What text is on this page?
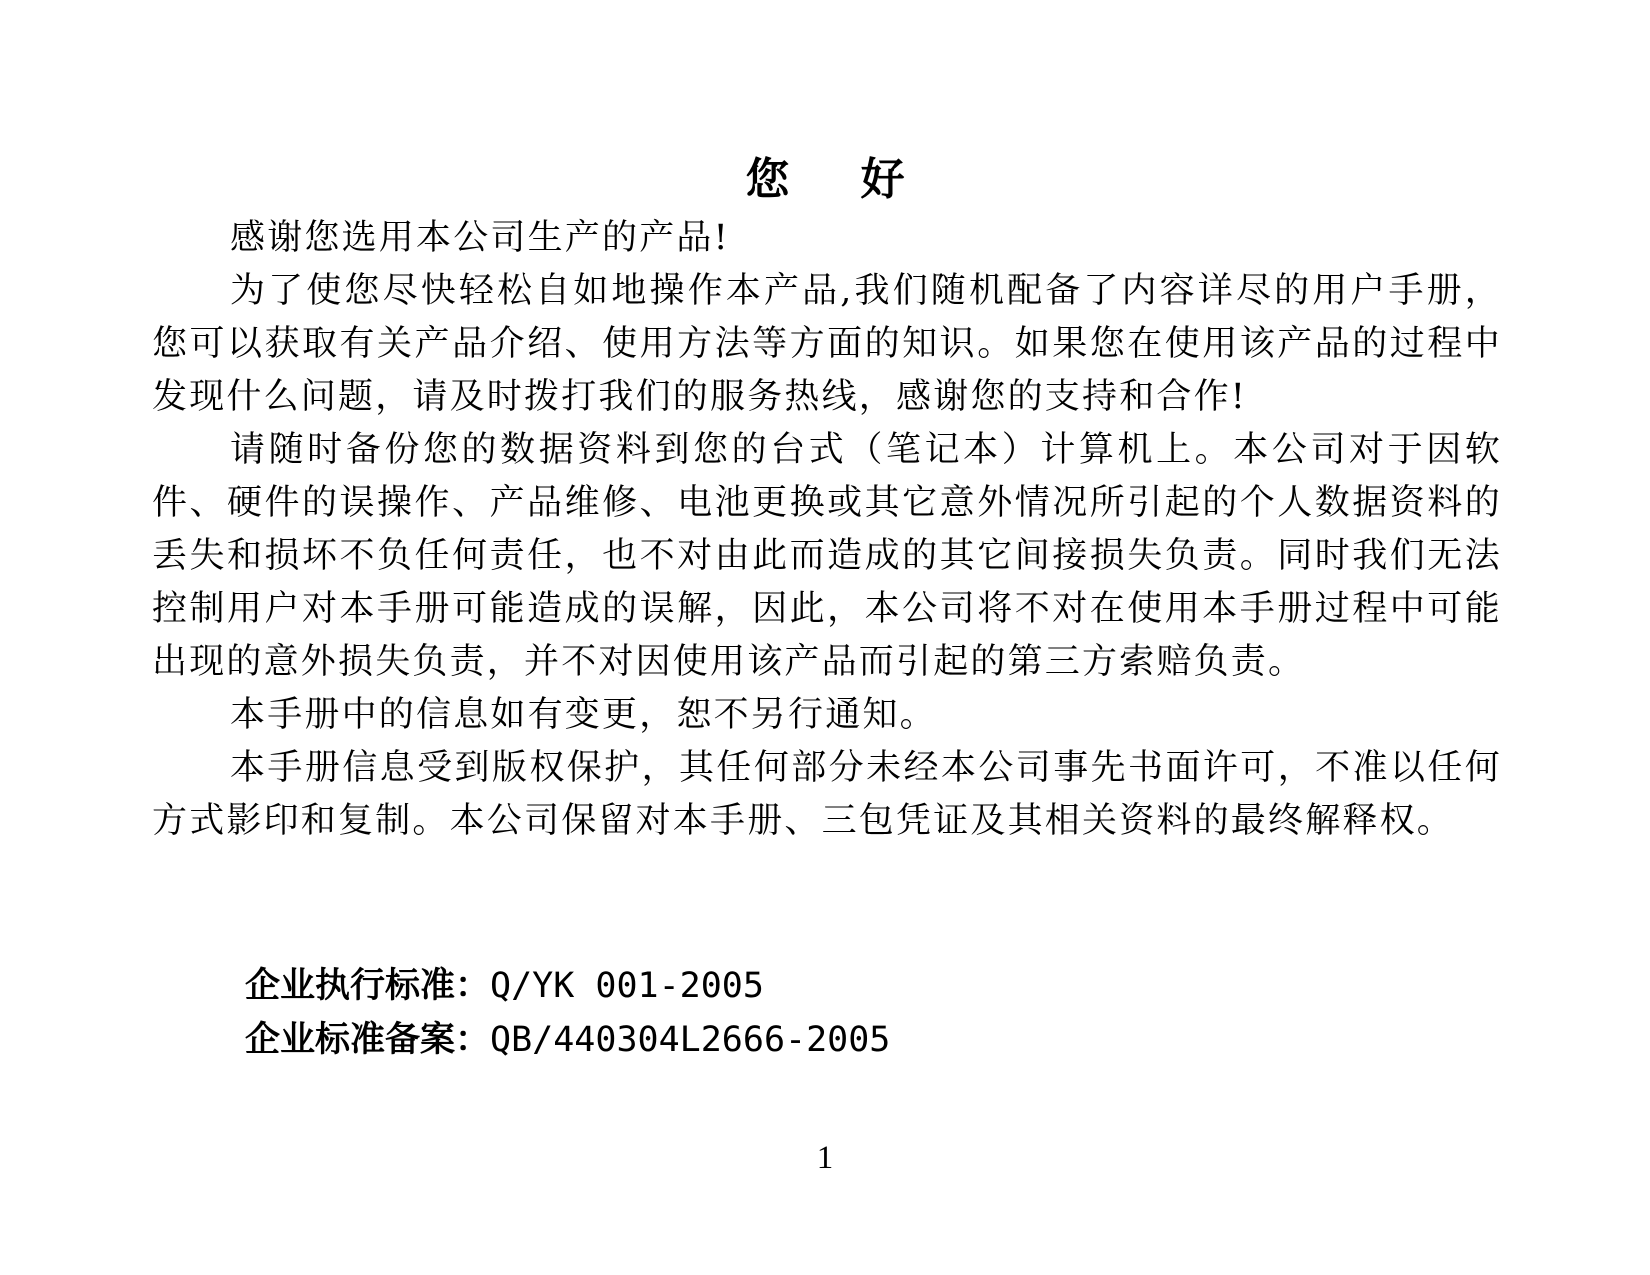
您 好

感谢您选用本公司生产的产品!

为了使您尽快轻松自如地操作本产品,我们随机配备了内容详尽的用户手册，您可以获取有关产品介绍、使用方法等方面的知识。如果您在使用该产品的过程中发现什么问题，请及时拨打我们的服务热线，感谢您的支持和合作!

请随时备份您的数据资料到您的台式（笔记本）计算机上。本公司对于因软件、硬件的误操作、产品维修、电池更换或其它意外情况所引起的个人数据资料的丢失和损坏不负任何责任，也不对由此而造成的其它间接损失负责。同时我们无法控制用户对本手册可能造成的误解，因此，本公司将不对在使用本手册过程中可能出现的意外损失负责，并不对因使用该产品而引起的第三方索赔负责。

本手册中的信息如有变更，恕不另行通知。

本手册信息受到版权保护，其任何部分未经本公司事先书面许可，不准以任何方式影印和复制。本公司保留对本手册、三包凭证及其相关资料的最终解释权。

企业执行标准：Q/YK 001-2005
企业标准备案：QB/440304L2666-2005
1
